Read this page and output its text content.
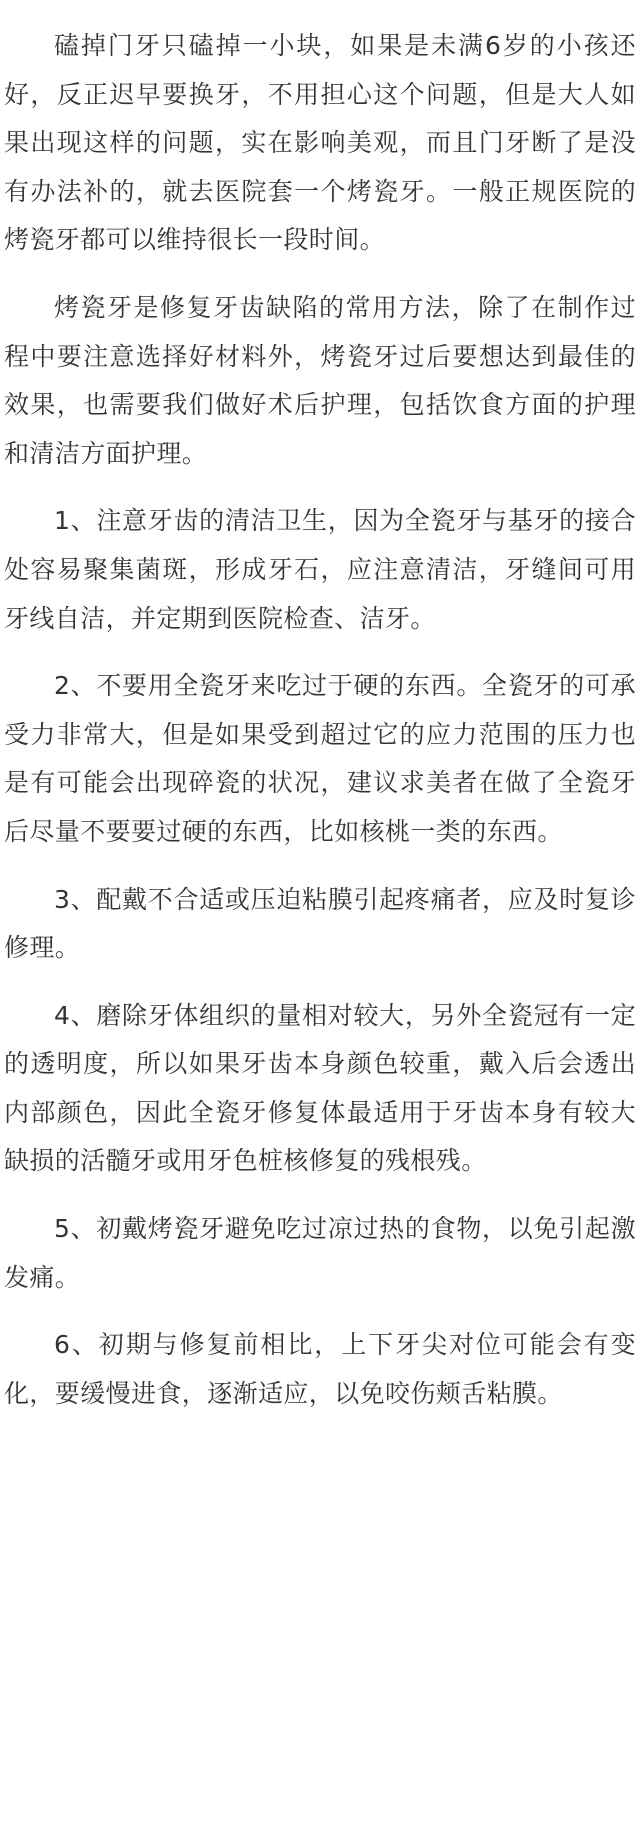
磕掉门牙只磕掉一小块，如果是未满6岁的小孩还好，反正迟早要换牙，不用担心这个问题，但是大人如果出现这样的问题，实在影响美观，而且门牙断了是没有办法补的，就去医院套一个烤瓷牙。一般正规医院的烤瓷牙都可以维持很长一段时间。

烤瓷牙是修复牙齿缺陷的常用方法，除了在制作过程中要注意选择好材料外，烤瓷牙过后要想达到最佳的效果，也需要我们做好术后护理，包括饮食方面的护理和清洁方面护理。

1、注意牙齿的清洁卫生，因为全瓷牙与基牙的接合处容易聚集菌斑，形成牙石，应注意清洁，牙缝间可用牙线自洁，并定期到医院检查、洁牙。

2、不要用全瓷牙来吃过于硬的东西。全瓷牙的可承受力非常大，但是如果受到超过它的应力范围的压力也是有可能会出现碎瓷的状况，建议求美者在做了全瓷牙后尽量不要要过硬的东西，比如核桃一类的东西。

3、配戴不合适或压迫粘膜引起疼痛者，应及时复诊修理。

4、磨除牙体组织的量相对较大，另外全瓷冠有一定的透明度，所以如果牙齿本身颜色较重，戴入后会透出内部颜色，因此全瓷牙修复体最适用于牙齿本身有较大缺损的活髓牙或用牙色桩核修复的残根残。

5、初戴烤瓷牙避免吃过凉过热的食物，以免引起激发痛。

6、初期与修复前相比，上下牙尖对位可能会有变化，要缓慢进食，逐渐适应，以免咬伤颊舌粘膜。
